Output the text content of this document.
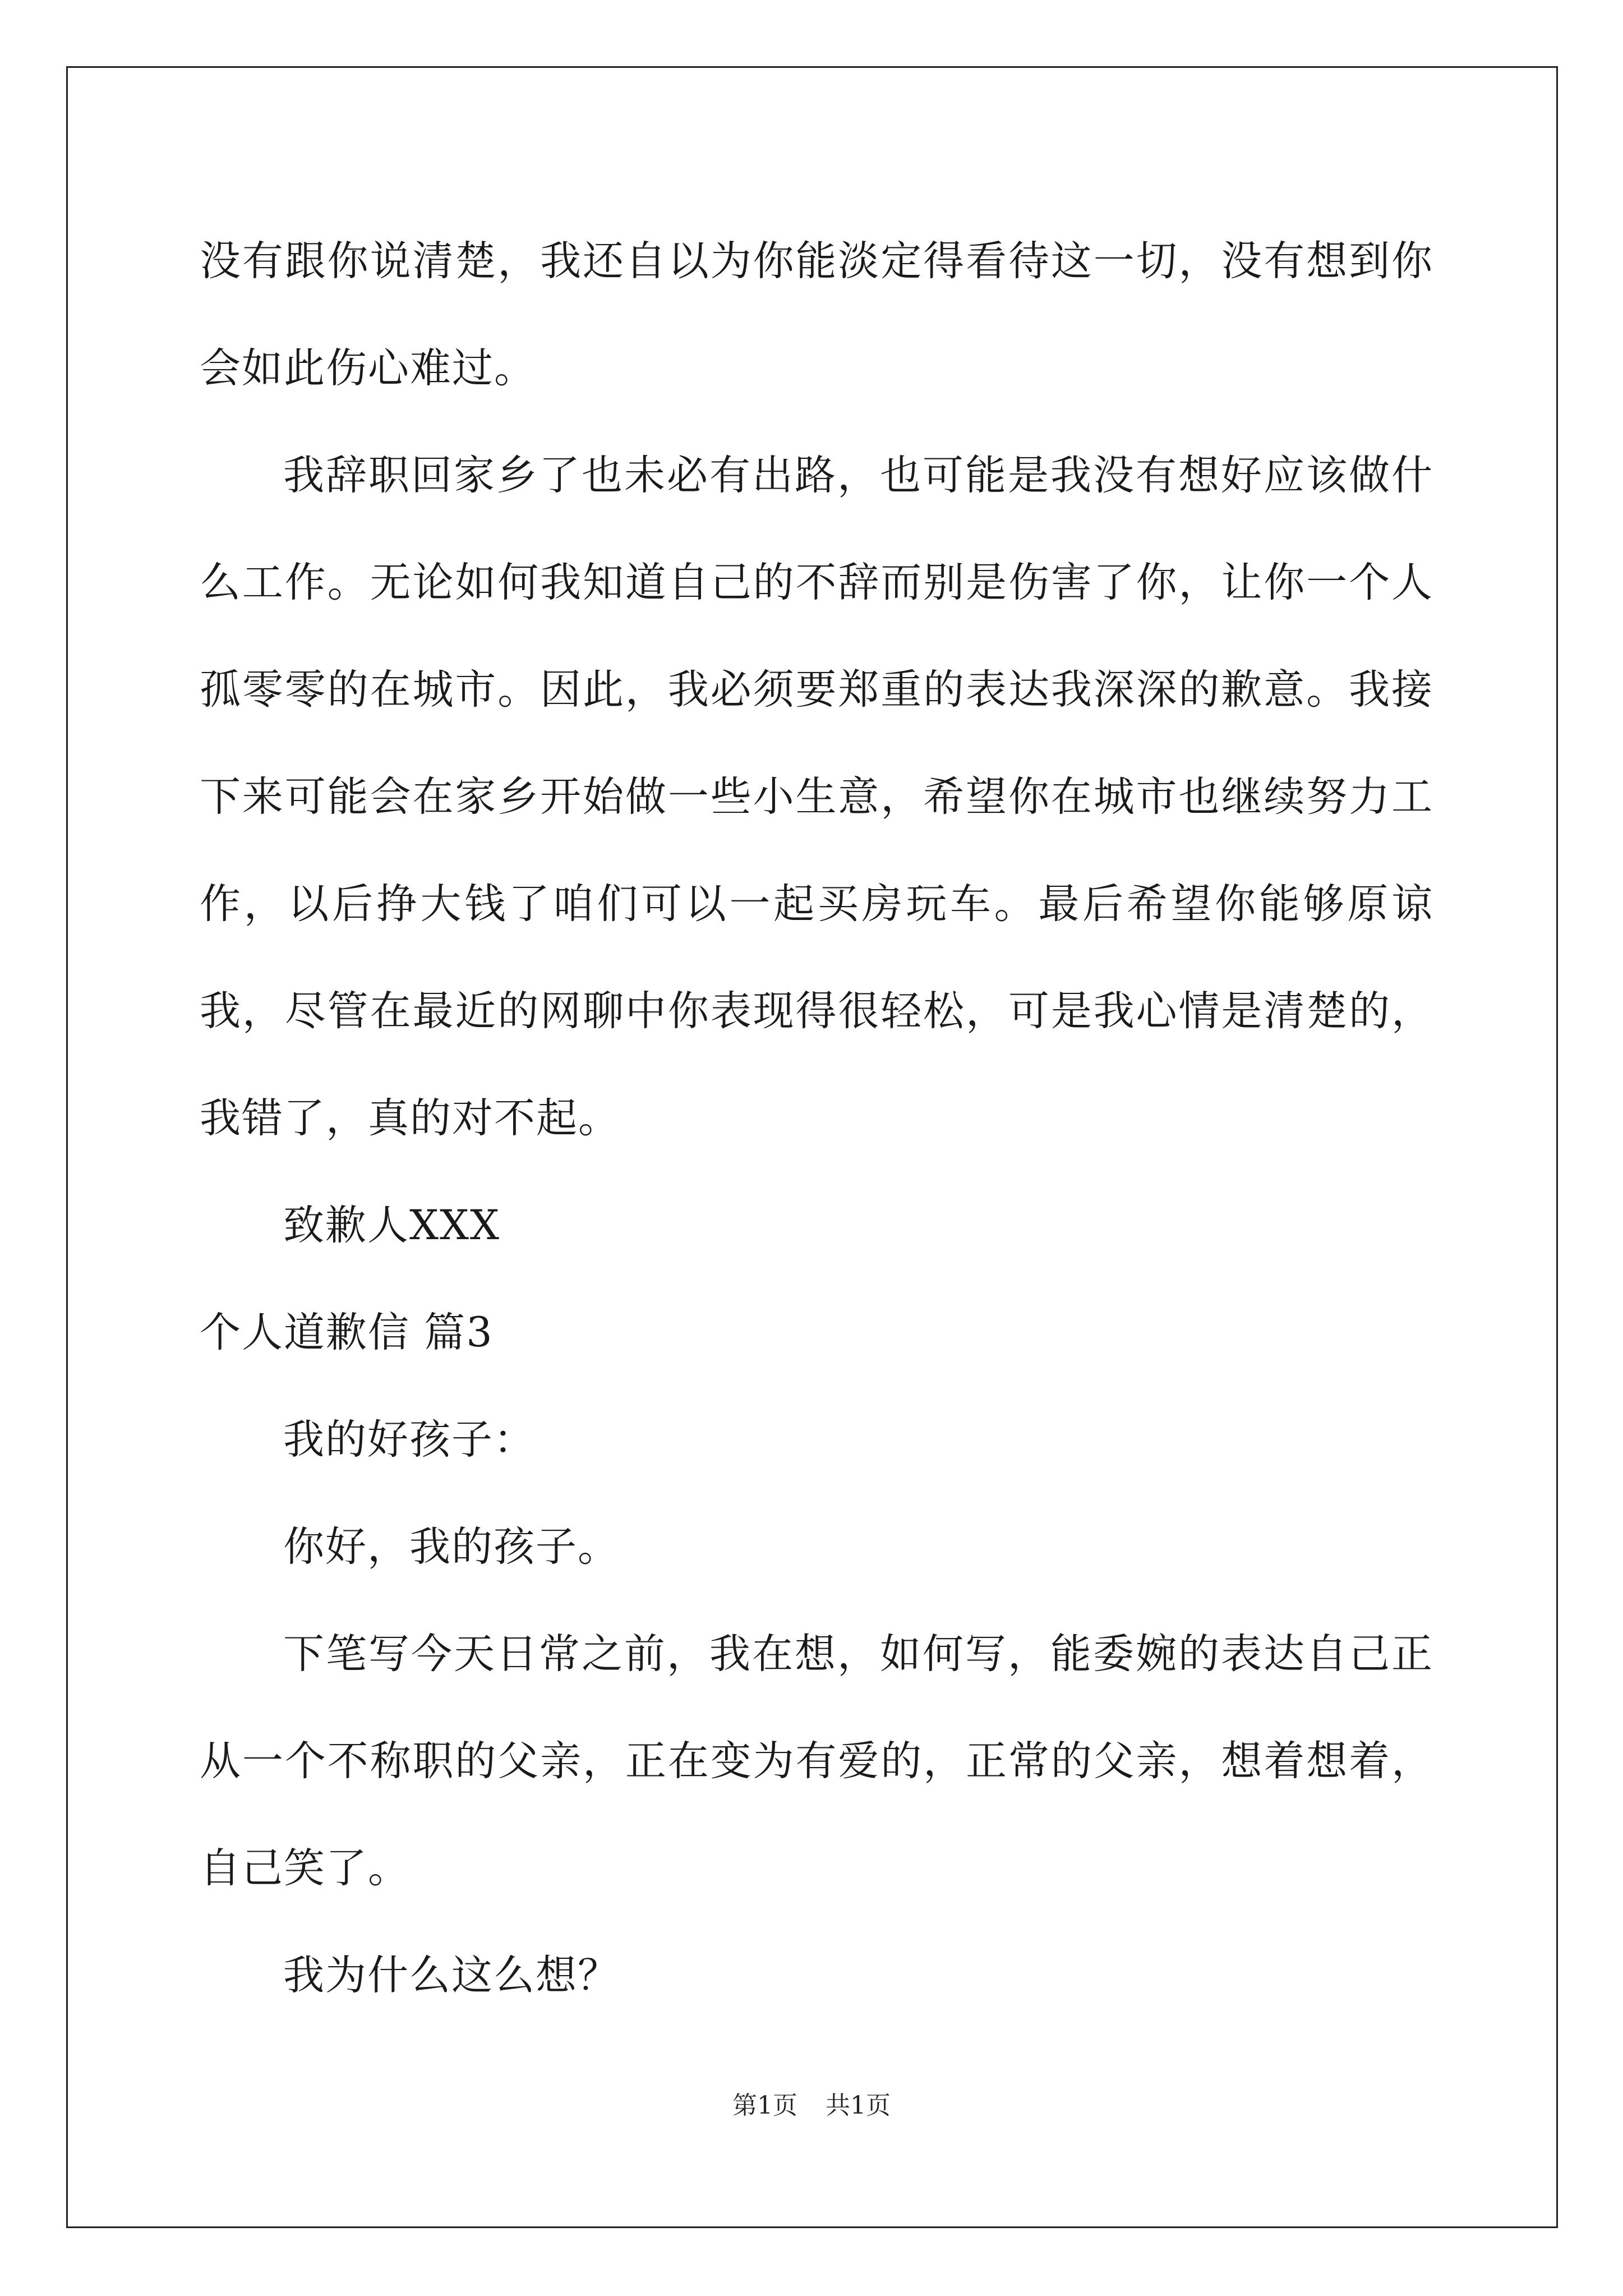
没有跟你说清楚，我还自以为你能淡定得看待这一切，没有想到你会如此伤心难过。

我辞职回家乡了也未必有出路，也可能是我没有想好应该做什么工作。无论如何我知道自己的不辞而别是伤害了你，让你一个人孤零零的在城市。因此，我必须要郑重的表达我深深的歉意。我接下来可能会在家乡开始做一些小生意，希望你在城市也继续努力工作，以后挣大钱了咱们可以一起买房玩车。最后希望你能够原谅我，尽管在最近的网聊中你表现得很轻松，可是我心情是清楚的，我错了，真的对不起。

致歉人XXX

个人道歉信 篇3

我的好孩子：

你好，我的孩子。

下笔写今天日常之前，我在想，如何写，能委婉的表达自己正从一个不称职的父亲，正在变为有爱的，正常的父亲，想着想着，自己笑了。

我为什么这么想？

第1页 共1页
